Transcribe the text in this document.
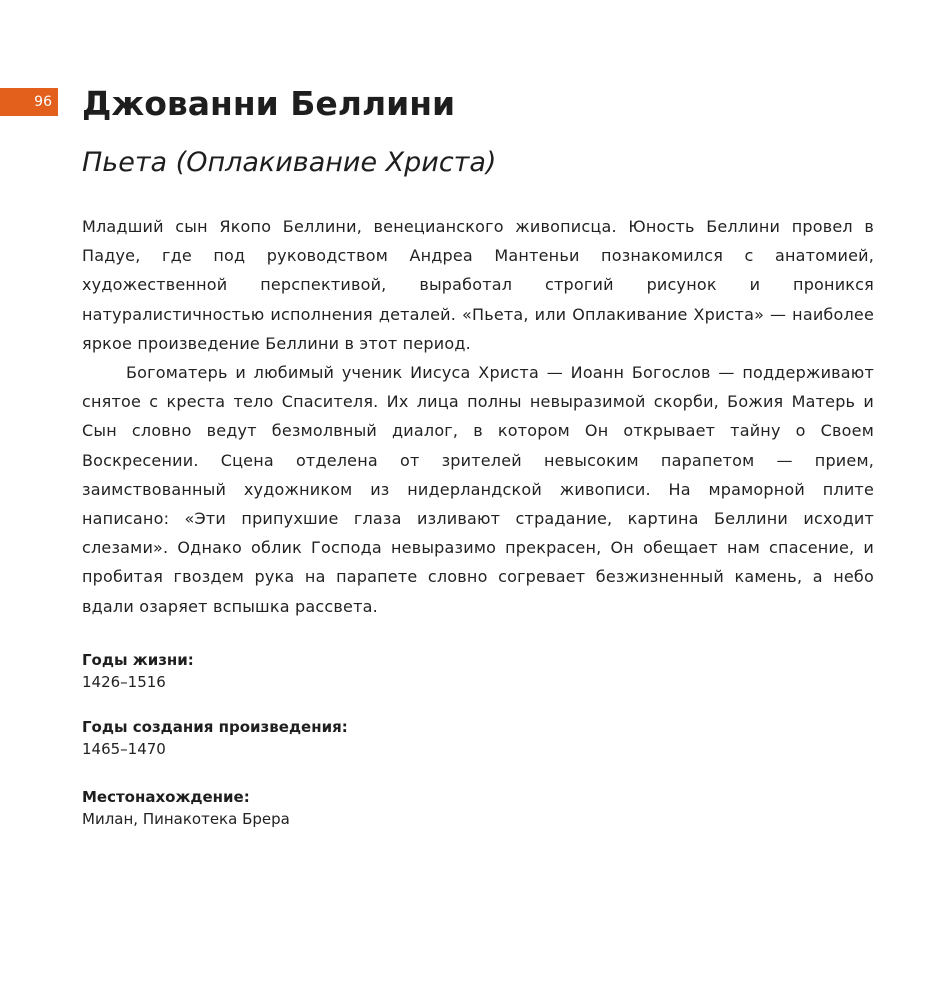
96 Джованни Беллини
Пьета (Оплакивание Христа)

Младший сын Якопо Беллини, венецианского живописца. Юность Беллини провел в Падуе, где под руководством Андреа Мантеньи познакомился с анатомией, художественной перспективой, выработал строгий рисунок и проникся натуралистичностью исполнения деталей. «Пьета, или Оплакивание Христа» — наиболее яркое произведение Беллини в этот период.

Богоматерь и любимый ученик Иисуса Христа — Иоанн Богослов — поддерживают снятое с креста тело Спасителя. Их лица полны невыразимой скорби, Божия Матерь и Сын словно ведут безмолвный диалог, в котором Он открывает тайну о Своем Воскресении. Сцена отделена от зрителей невысоким парапетом — прием, заимствованный художником из нидерландской живописи. На мраморной плите написано: «Эти припухшие глаза изливают страдание, картина Беллини исходит слезами». Однако облик Господа невыразимо прекрасен, Он обещает нам спасение, и пробитая гвоздем рука на парапете словно согревает безжизненный камень, а небо вдали озаряет вспышка рассвета.

Годы жизни:

1426–1516

Годы создания произведения:

1465–1470

Местонахождение:

Милан, Пинакотека Брера
